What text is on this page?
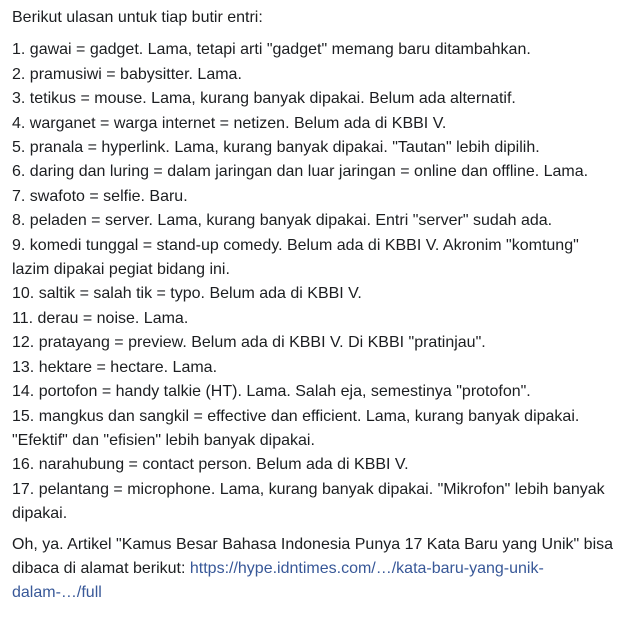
Berikut ulasan untuk tiap butir entri:

1. gawai = gadget. Lama, tetapi arti "gadget" memang baru ditambahkan.
2. pramusiwi = babysitter. Lama.
3. tetikus = mouse. Lama, kurang banyak dipakai. Belum ada alternatif.
4. warganet = warga internet = netizen. Belum ada di KBBI V.
5. pranala = hyperlink. Lama, kurang banyak dipakai. "Tautan" lebih dipilih.
6. daring dan luring = dalam jaringan dan luar jaringan = online dan offline. Lama.
7. swafoto = selfie. Baru.
8. peladen = server. Lama, kurang banyak dipakai. Entri "server" sudah ada.
9. komedi tunggal = stand-up comedy. Belum ada di KBBI V. Akronim "komtung" lazim dipakai pegiat bidang ini.
10. saltik = salah tik = typo. Belum ada di KBBI V.
11. derau = noise. Lama.
12. pratayang = preview. Belum ada di KBBI V. Di KBBI "pratinjau".
13. hektare = hectare. Lama.
14. portofon = handy talkie (HT). Lama. Salah eja, semestinya "protofon".
15. mangkus dan sangkil = effective dan efficient. Lama, kurang banyak dipakai. "Efektif" dan "efisien" lebih banyak dipakai.
16. narahubung = contact person. Belum ada di KBBI V.
17. pelantang = microphone. Lama, kurang banyak dipakai. "Mikrofon" lebih banyak dipakai.

Oh, ya. Artikel "Kamus Besar Bahasa Indonesia Punya 17 Kata Baru yang Unik" bisa dibaca di alamat berikut: https://hype.idntimes.com/…/kata-baru-yang-unik-dalam-…/full
